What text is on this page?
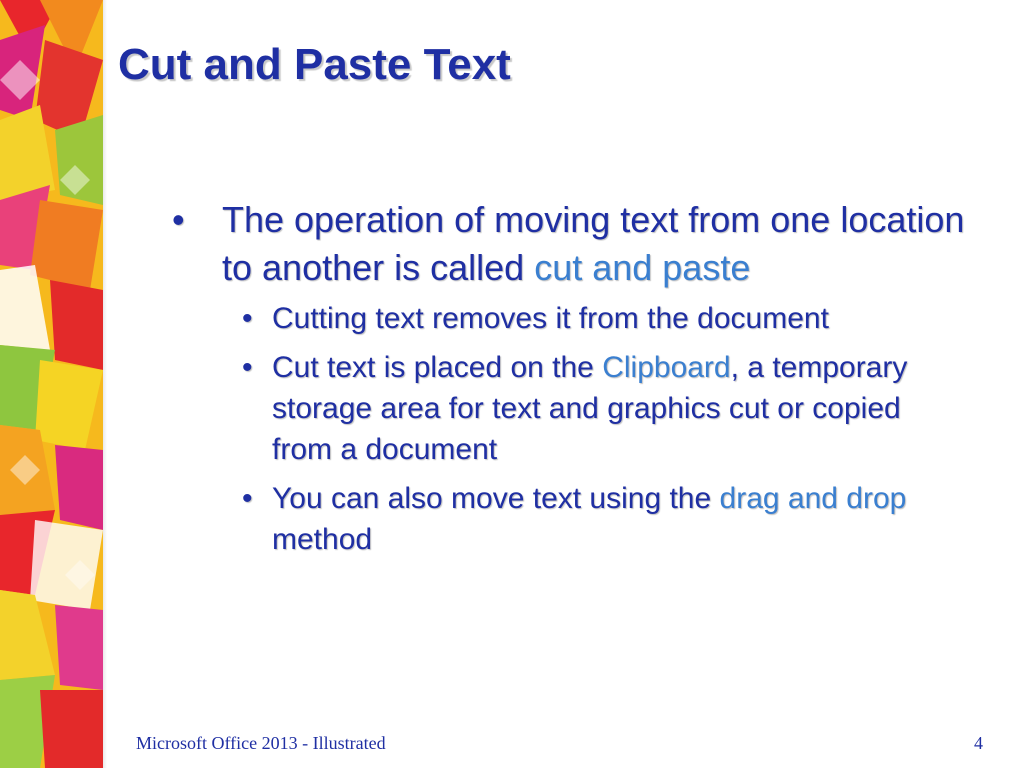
Cut and Paste Text
• The operation of moving text from one location to another is called cut and paste
• Cutting text removes it from the document
• Cut text is placed on the Clipboard, a temporary storage area for text and graphics cut or copied from a document
• You can also move text using the drag and drop method
Microsoft Office 2013 - Illustrated	4
